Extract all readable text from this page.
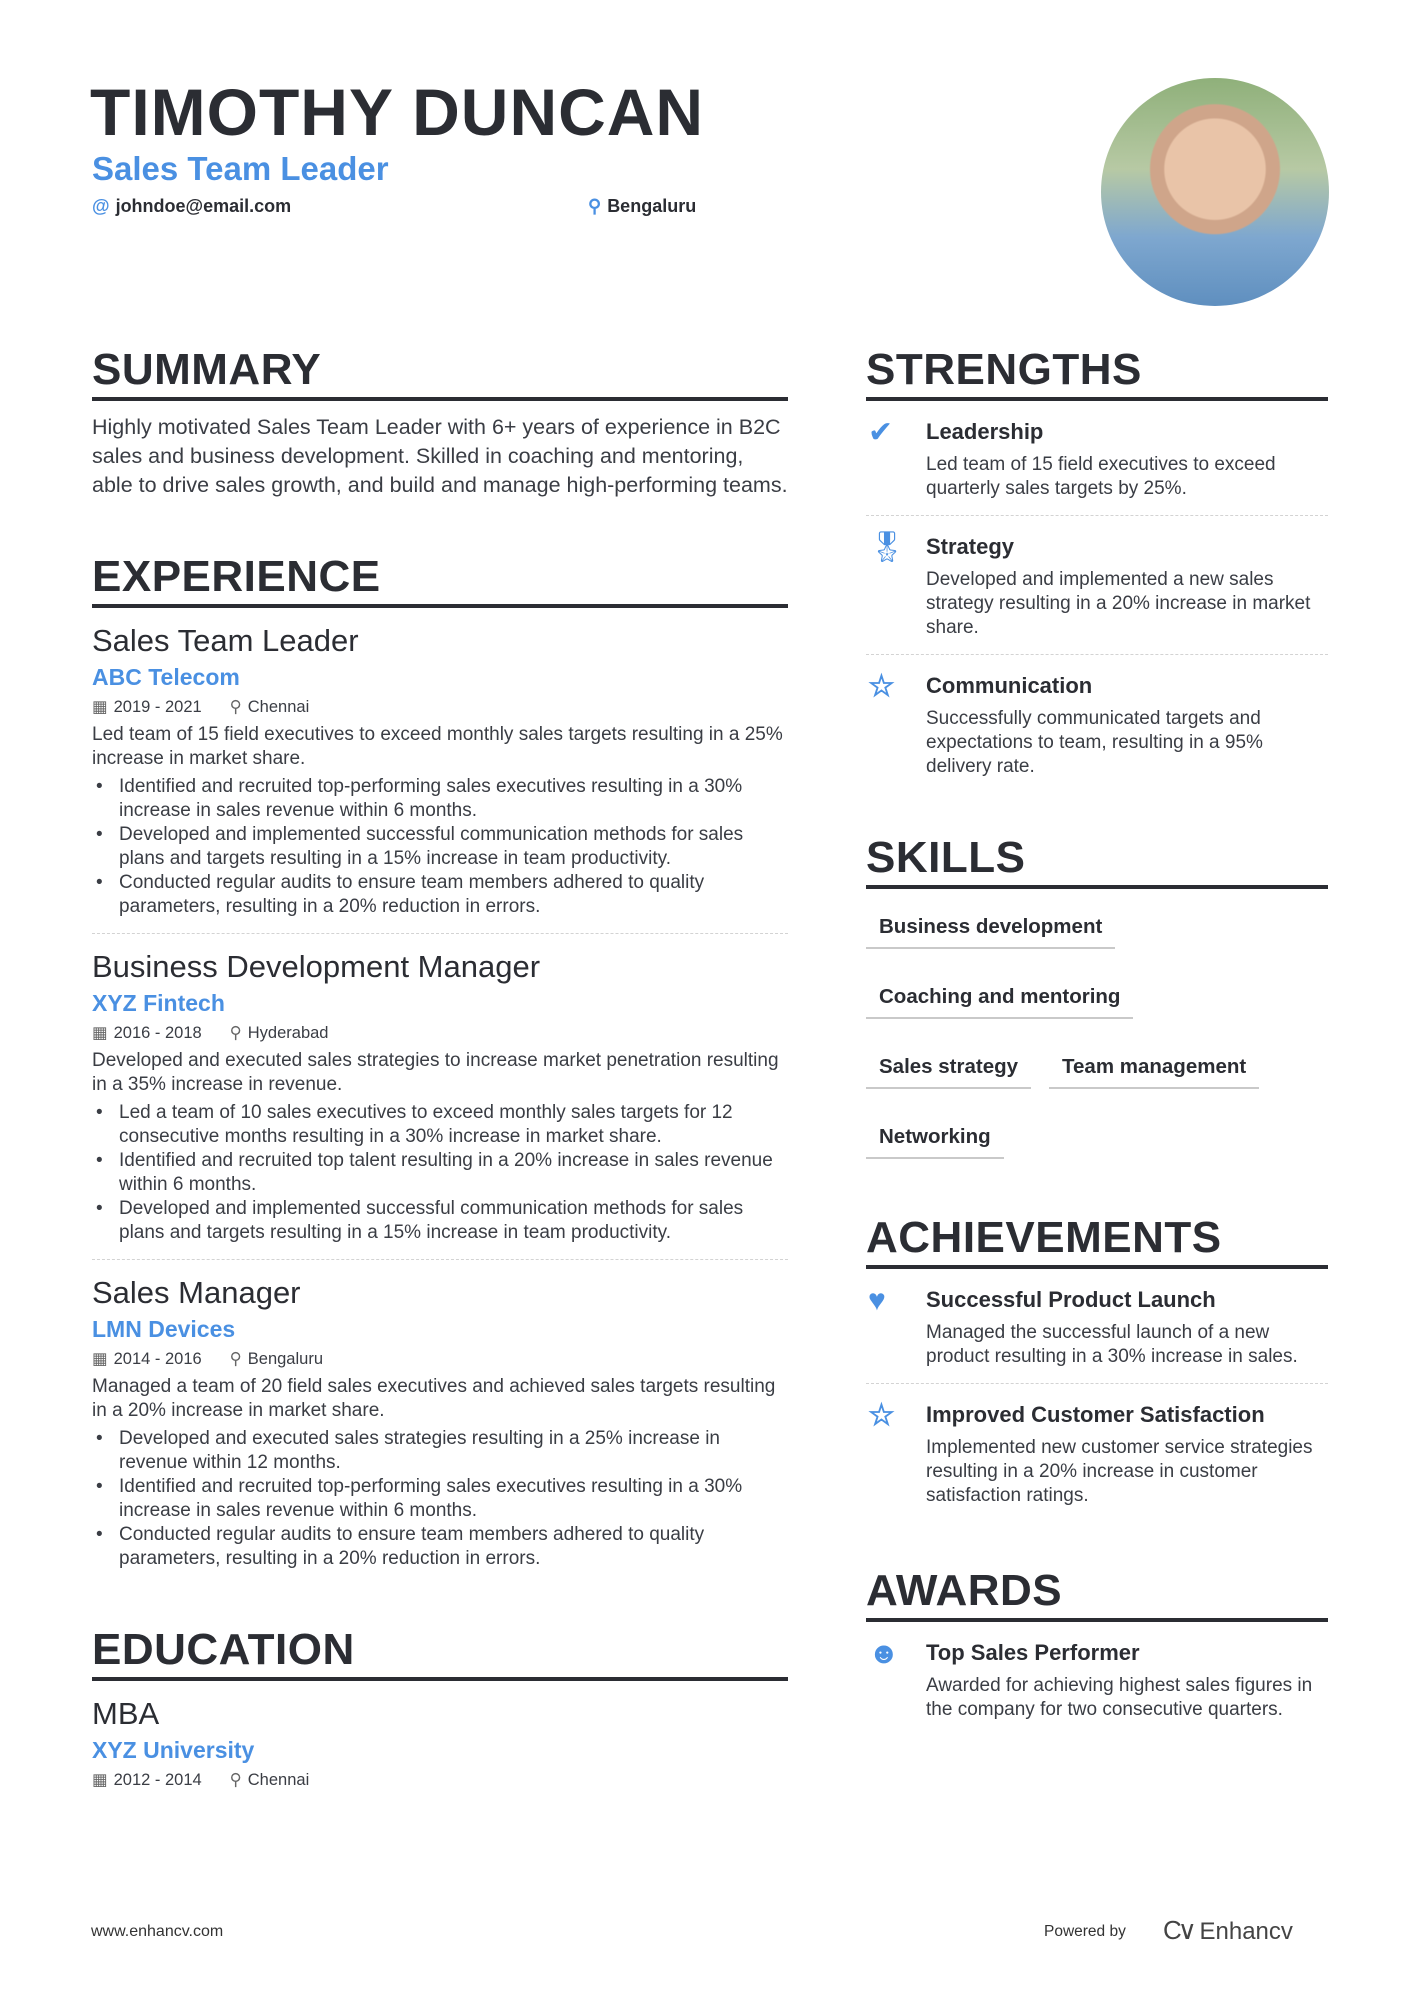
TIMOTHY DUNCAN
Sales Team Leader
@ johndoe@email.com	⚲ Bengaluru
SUMMARY

Highly motivated Sales Team Leader with 6+ years of experience in B2C sales and business development. Skilled in coaching and mentoring, able to drive sales growth, and build and manage high-performing teams.

EXPERIENCE
Sales Team Leader
ABC Telecom
▦ 2019 - 2021 ⚲ Chennai
Led team of 15 field executives to exceed monthly sales targets resulting in a 25% increase in market share.
• Identified and recruited top-performing sales executives resulting in a 30% increase in sales revenue within 6 months.
• Developed and implemented successful communication methods for sales plans and targets resulting in a 15% increase in team productivity.
• Conducted regular audits to ensure team members adhered to quality parameters, resulting in a 20% reduction in errors.
Business Development Manager
XYZ Fintech
▦ 2016 - 2018 ⚲ Hyderabad
Developed and executed sales strategies to increase market penetration resulting in a 35% increase in revenue.
• Led a team of 10 sales executives to exceed monthly sales targets for 12 consecutive months resulting in a 30% increase in market share.
• Identified and recruited top talent resulting in a 20% increase in sales revenue within 6 months.
• Developed and implemented successful communication methods for sales plans and targets resulting in a 15% increase in team productivity.
Sales Manager
LMN Devices
▦ 2014 - 2016 ⚲ Bengaluru
Managed a team of 20 field sales executives and achieved sales targets resulting in a 20% increase in market share.
• Developed and executed sales strategies resulting in a 25% increase in revenue within 12 months.
• Identified and recruited top-performing sales executives resulting in a 30% increase in sales revenue within 6 months.
• Conducted regular audits to ensure team members adhered to quality parameters, resulting in a 20% reduction in errors.
EDUCATION
MBA
XYZ University
▦ 2012 - 2014 ⚲ Chennai
STRENGTHS
✔	Leadership
Led team of 15 field executives to exceed quarterly sales targets by 25%.
🎖 Strategy
Developed and implemented a new sales strategy resulting in a 20% increase in market share.
☆	Communication
Successfully communicated targets and expectations to team, resulting in a 95% delivery rate.
SKILLS
Business development
Coaching and mentoring
Sales strategy	Team management
Networking
ACHIEVEMENTS
♥	Successful Product Launch
Managed the successful launch of a new product resulting in a 30% increase in sales.
☆	Improved Customer Satisfaction
Implemented new customer service strategies resulting in a 20% increase in customer satisfaction ratings.
AWARDS
☻	Top Sales Performer
Awarded for achieving highest sales figures in the company for two consecutive quarters.
www.enhancv.com	Powered by C∨ Enhancv
